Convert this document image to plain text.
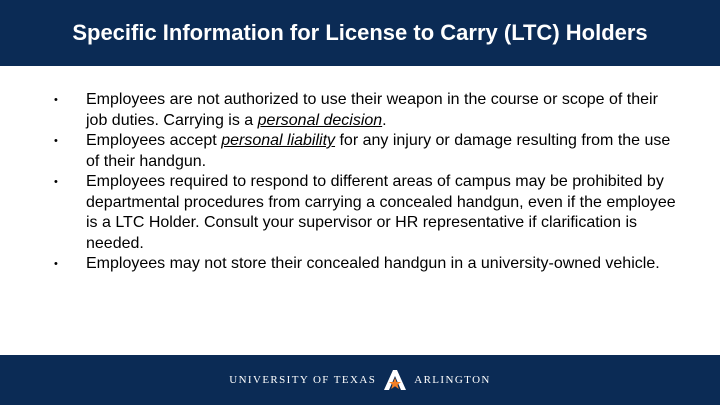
Specific Information for License to Carry (LTC) Holders
• Employees are not authorized to use their weapon in the course or scope of their job duties. Carrying is a personal decision.
• Employees accept personal liability for any injury or damage resulting from the use of their handgun.
• Employees required to respond to different areas of campus may be prohibited by departmental procedures from carrying a concealed handgun, even if the employee is a LTC Holder. Consult your supervisor or HR representative if clarification is needed.
• Employees may not store their concealed handgun in a university-owned vehicle.
UNIVERSITY OF TEXAS	ARLINGTON
